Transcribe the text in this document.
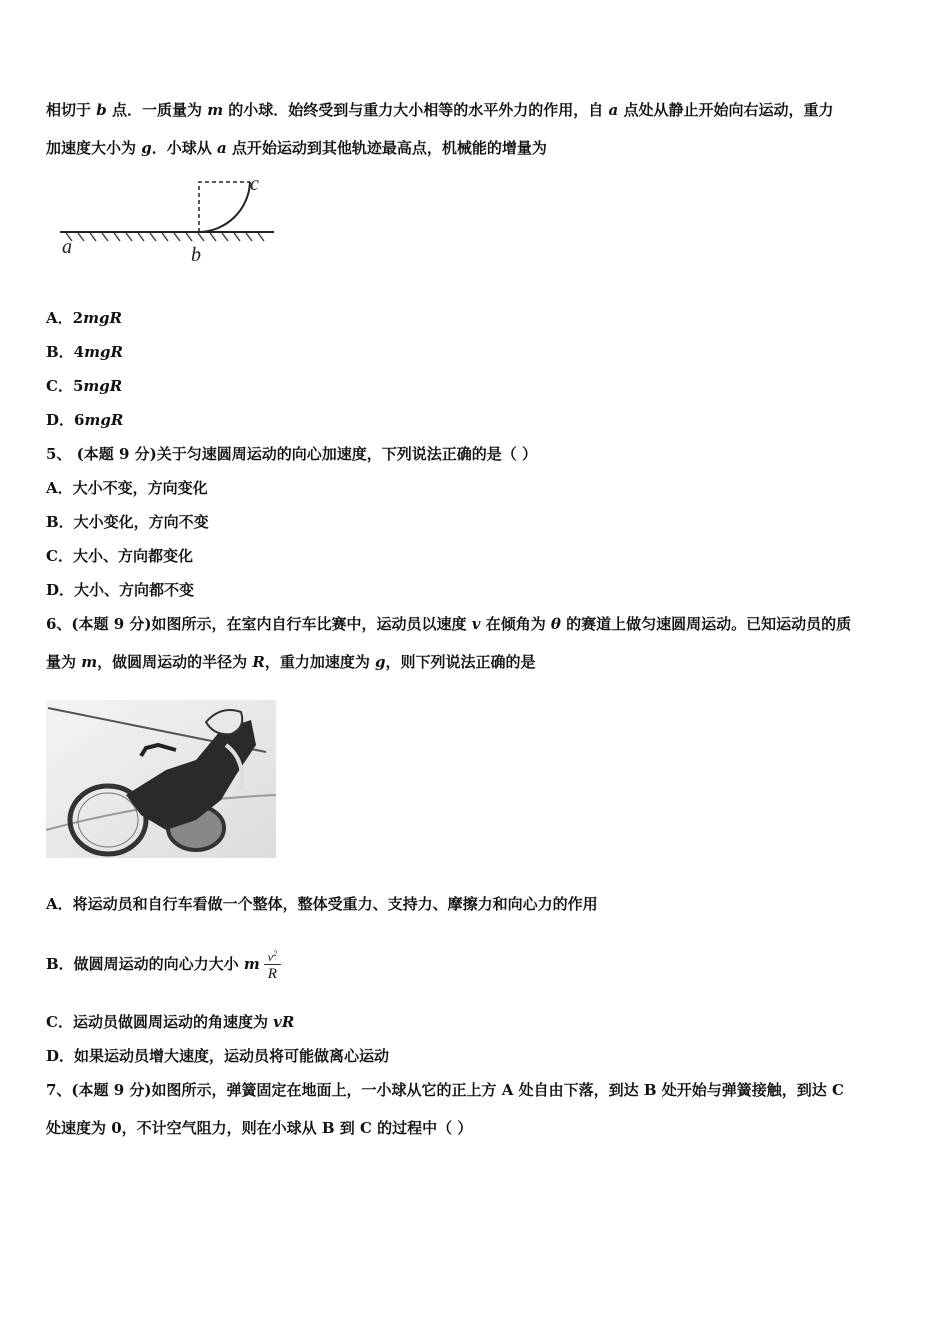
相切于 b 点．一质量为 m 的小球．始终受到与重力大小相等的水平外力的作用，自 a 点处从静止开始向右运动，重力
加速度大小为 g．小球从 a 点开始运动到其他轨迹最高点，机械能的增量为
a	b
c
A．2mgR
B．4mgR
C．5mgR
D．6mgR
5、 (本题 9 分)关于匀速圆周运动的向心加速度，下列说法正确的是（ ）
A．大小不变，方向变化
B．大小变化，方向不变
C．大小、方向都变化
D．大小、方向都不变
6、(本题 9 分)如图所示，在室内自行车比赛中，运动员以速度 v 在倾角为 θ 的赛道上做匀速圆周运动。已知运动员的质
量为 m，做圆周运动的半径为 R，重力加速度为 g，则下列说法正确的是
A．将运动员和自行车看做一个整体，整体受重力、支持力、摩擦力和向心力的作用
B．做圆周运动的向心力大小 m $\frac{v^2}{R}$
C．运动员做圆周运动的角速度为 vR
D．如果运动员增大速度，运动员将可能做离心运动
7、(本题 9 分)如图所示，弹簧固定在地面上，一小球从它的正上方 A 处自由下落，到达 B 处开始与弹簧接触，到达 C
处速度为 0，不计空气阻力，则在小球从 B 到 C 的过程中（ ）
